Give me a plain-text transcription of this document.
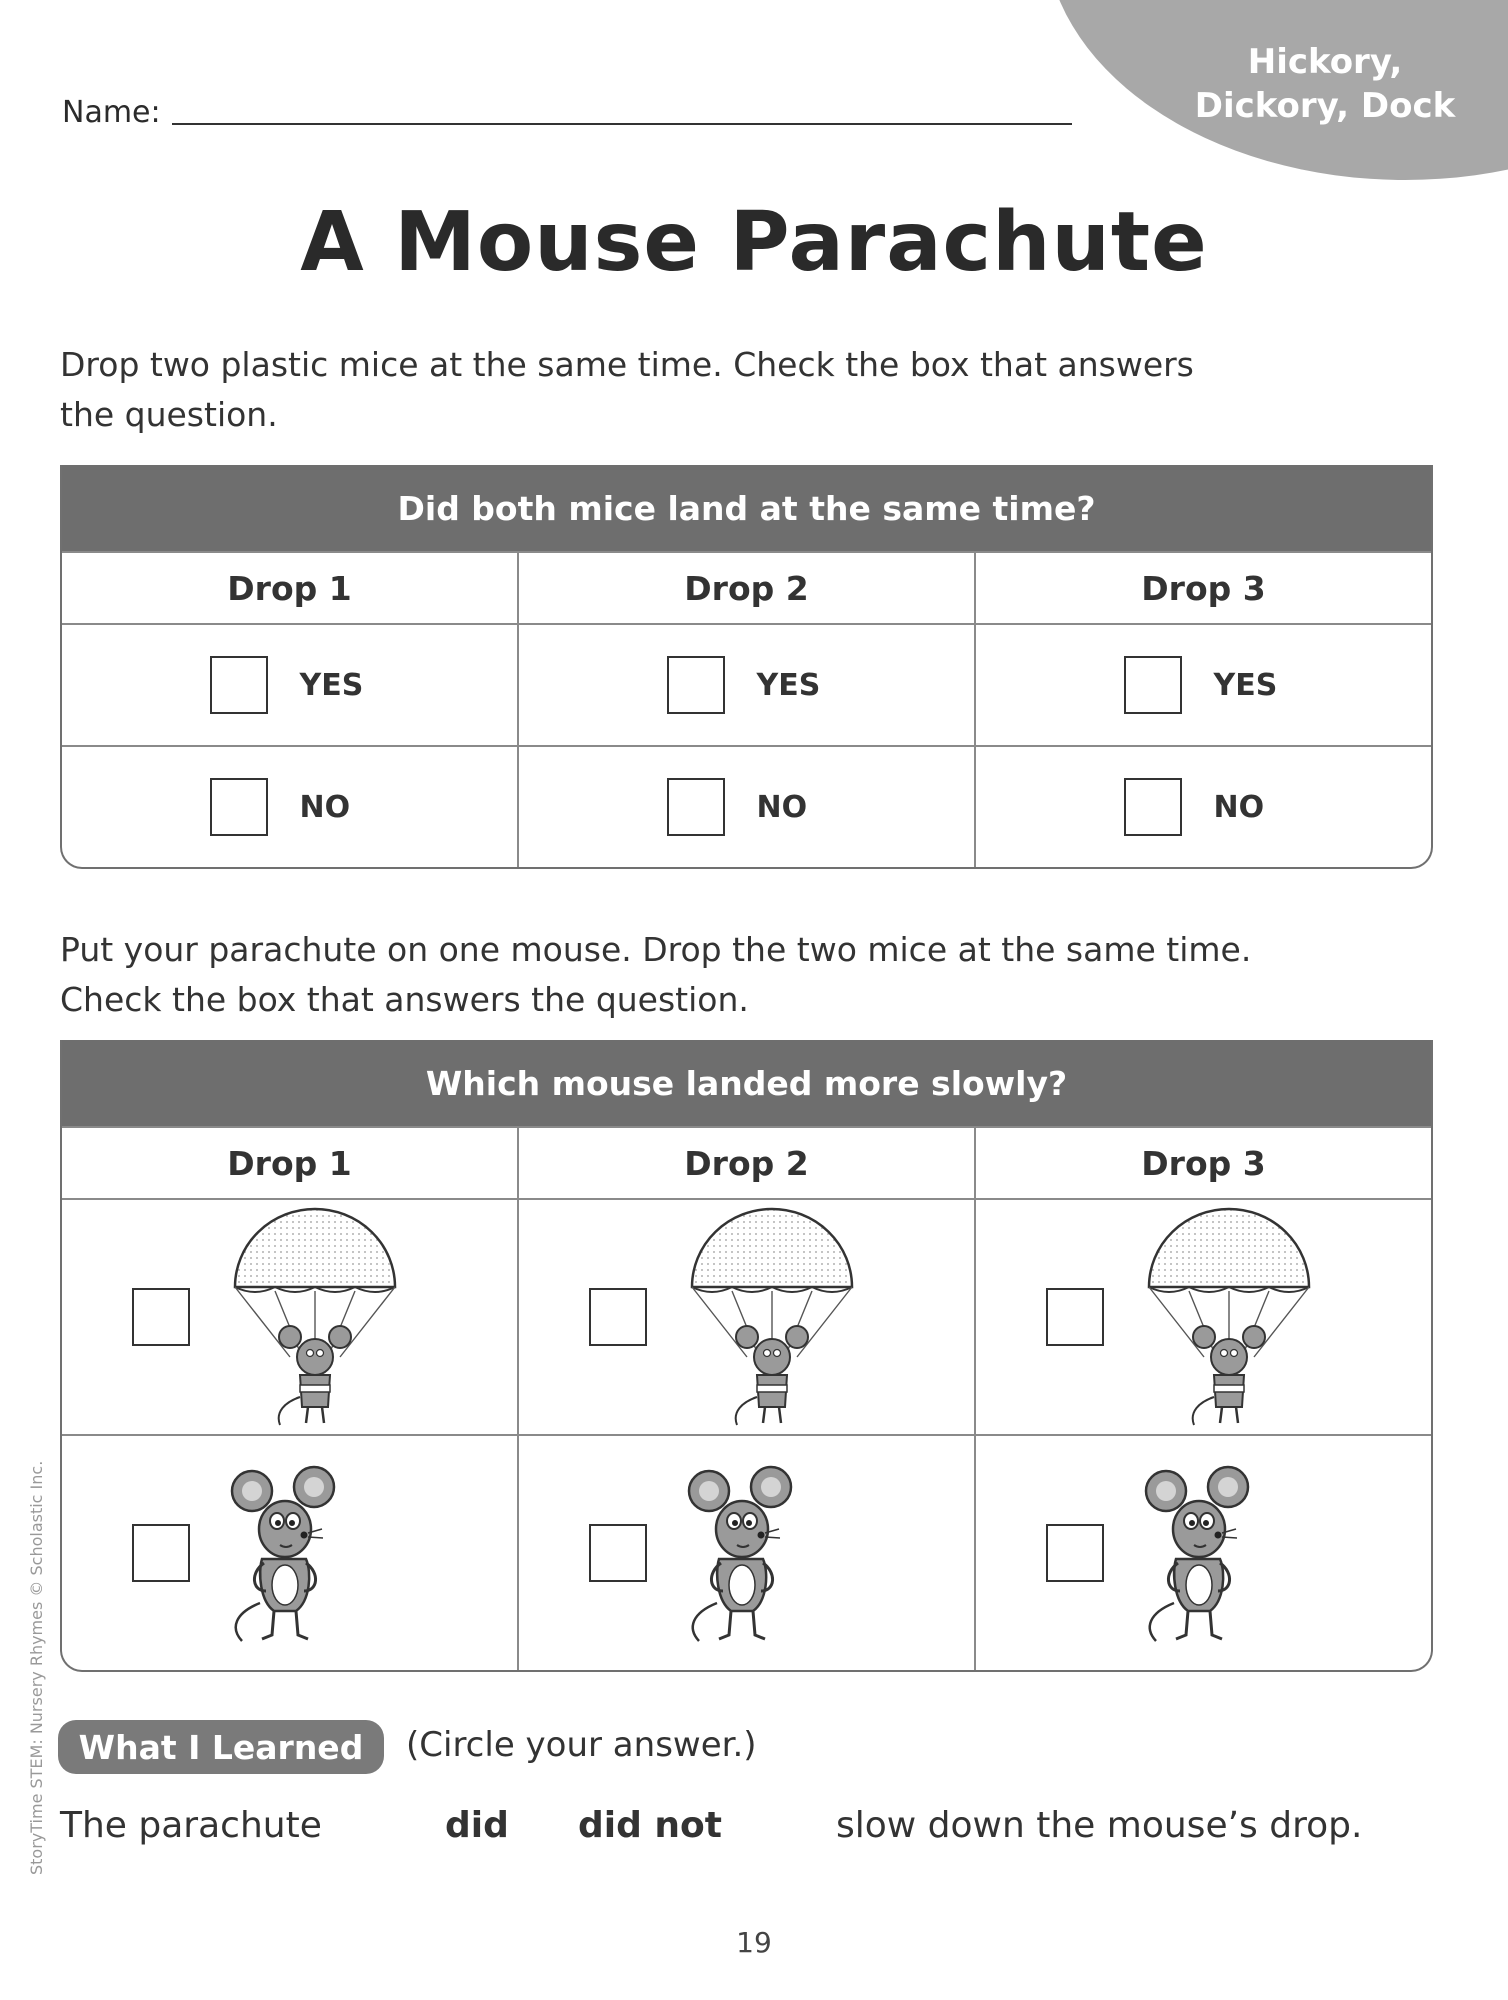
Hickory,
Dickory, Dock
Name:
A Mouse Parachute
Drop two plastic mice at the same time. Check the box that answers
the question.
Did both mice land at the same time?
Drop 1	Drop 2	Drop 3
YES	YES	YES
NO	NO	NO
Put your parachute on one mouse. Drop the two mice at the same time.
Check the box that answers the question.
Which mouse landed more slowly?
Drop 1	Drop 2	Drop 3
What I Learned	(Circle your answer.)
The parachute	did did not	slow down the mouse’s drop.
19
StoryTime STEM: Nursery Rhymes © Scholastic Inc.
